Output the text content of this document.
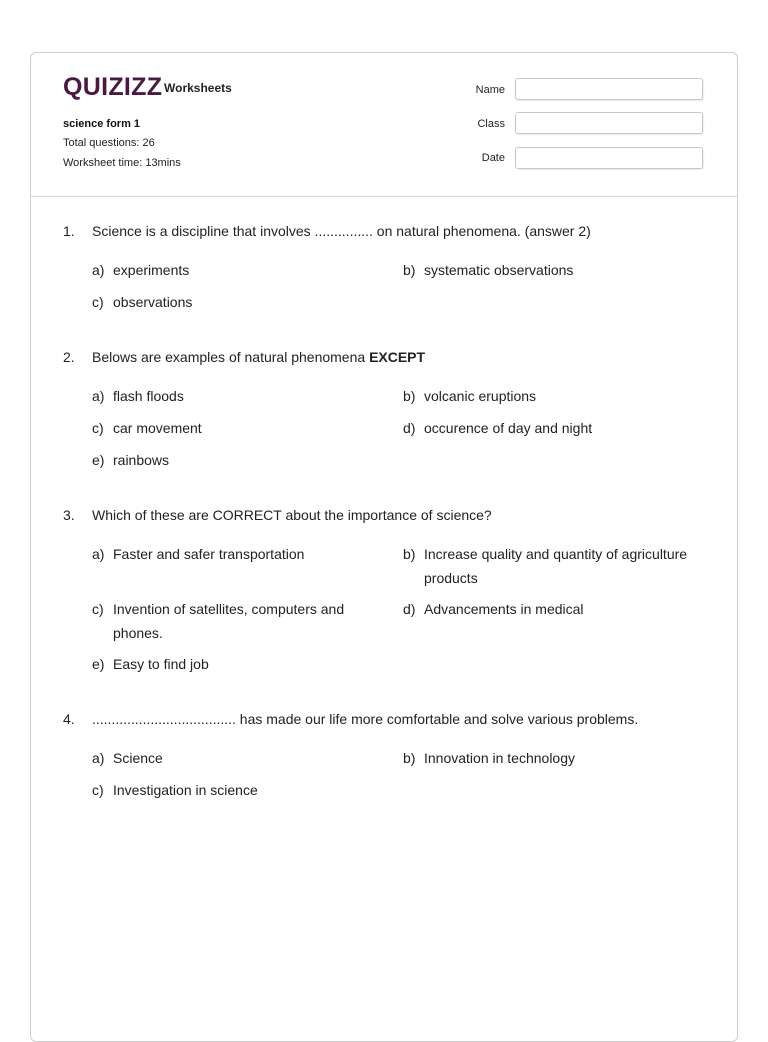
QUIZIZZ Worksheets
science form 1
Total questions: 26
Worksheet time: 13mins
Name
Class
Date
1. Science is a discipline that involves ............... on natural phenomena. (answer 2)
a) experiments	b) systematic observations
c) observations
2. Belows are examples of natural phenomena EXCEPT
a) flash floods	b) volcanic eruptions
c) car movement	d) occurence of day and night
e) rainbows
3. Which of these are CORRECT about the importance of science?
a) Faster and safer transportation	b) Increase quality and quantity of agriculture products
c) Invention of satellites, computers and phones.
d) Advancements in medical
e) Easy to find job
4. ..................................... has made our life more comfortable and solve various problems.
a) Science	b) Innovation in technology
c) Investigation in science
